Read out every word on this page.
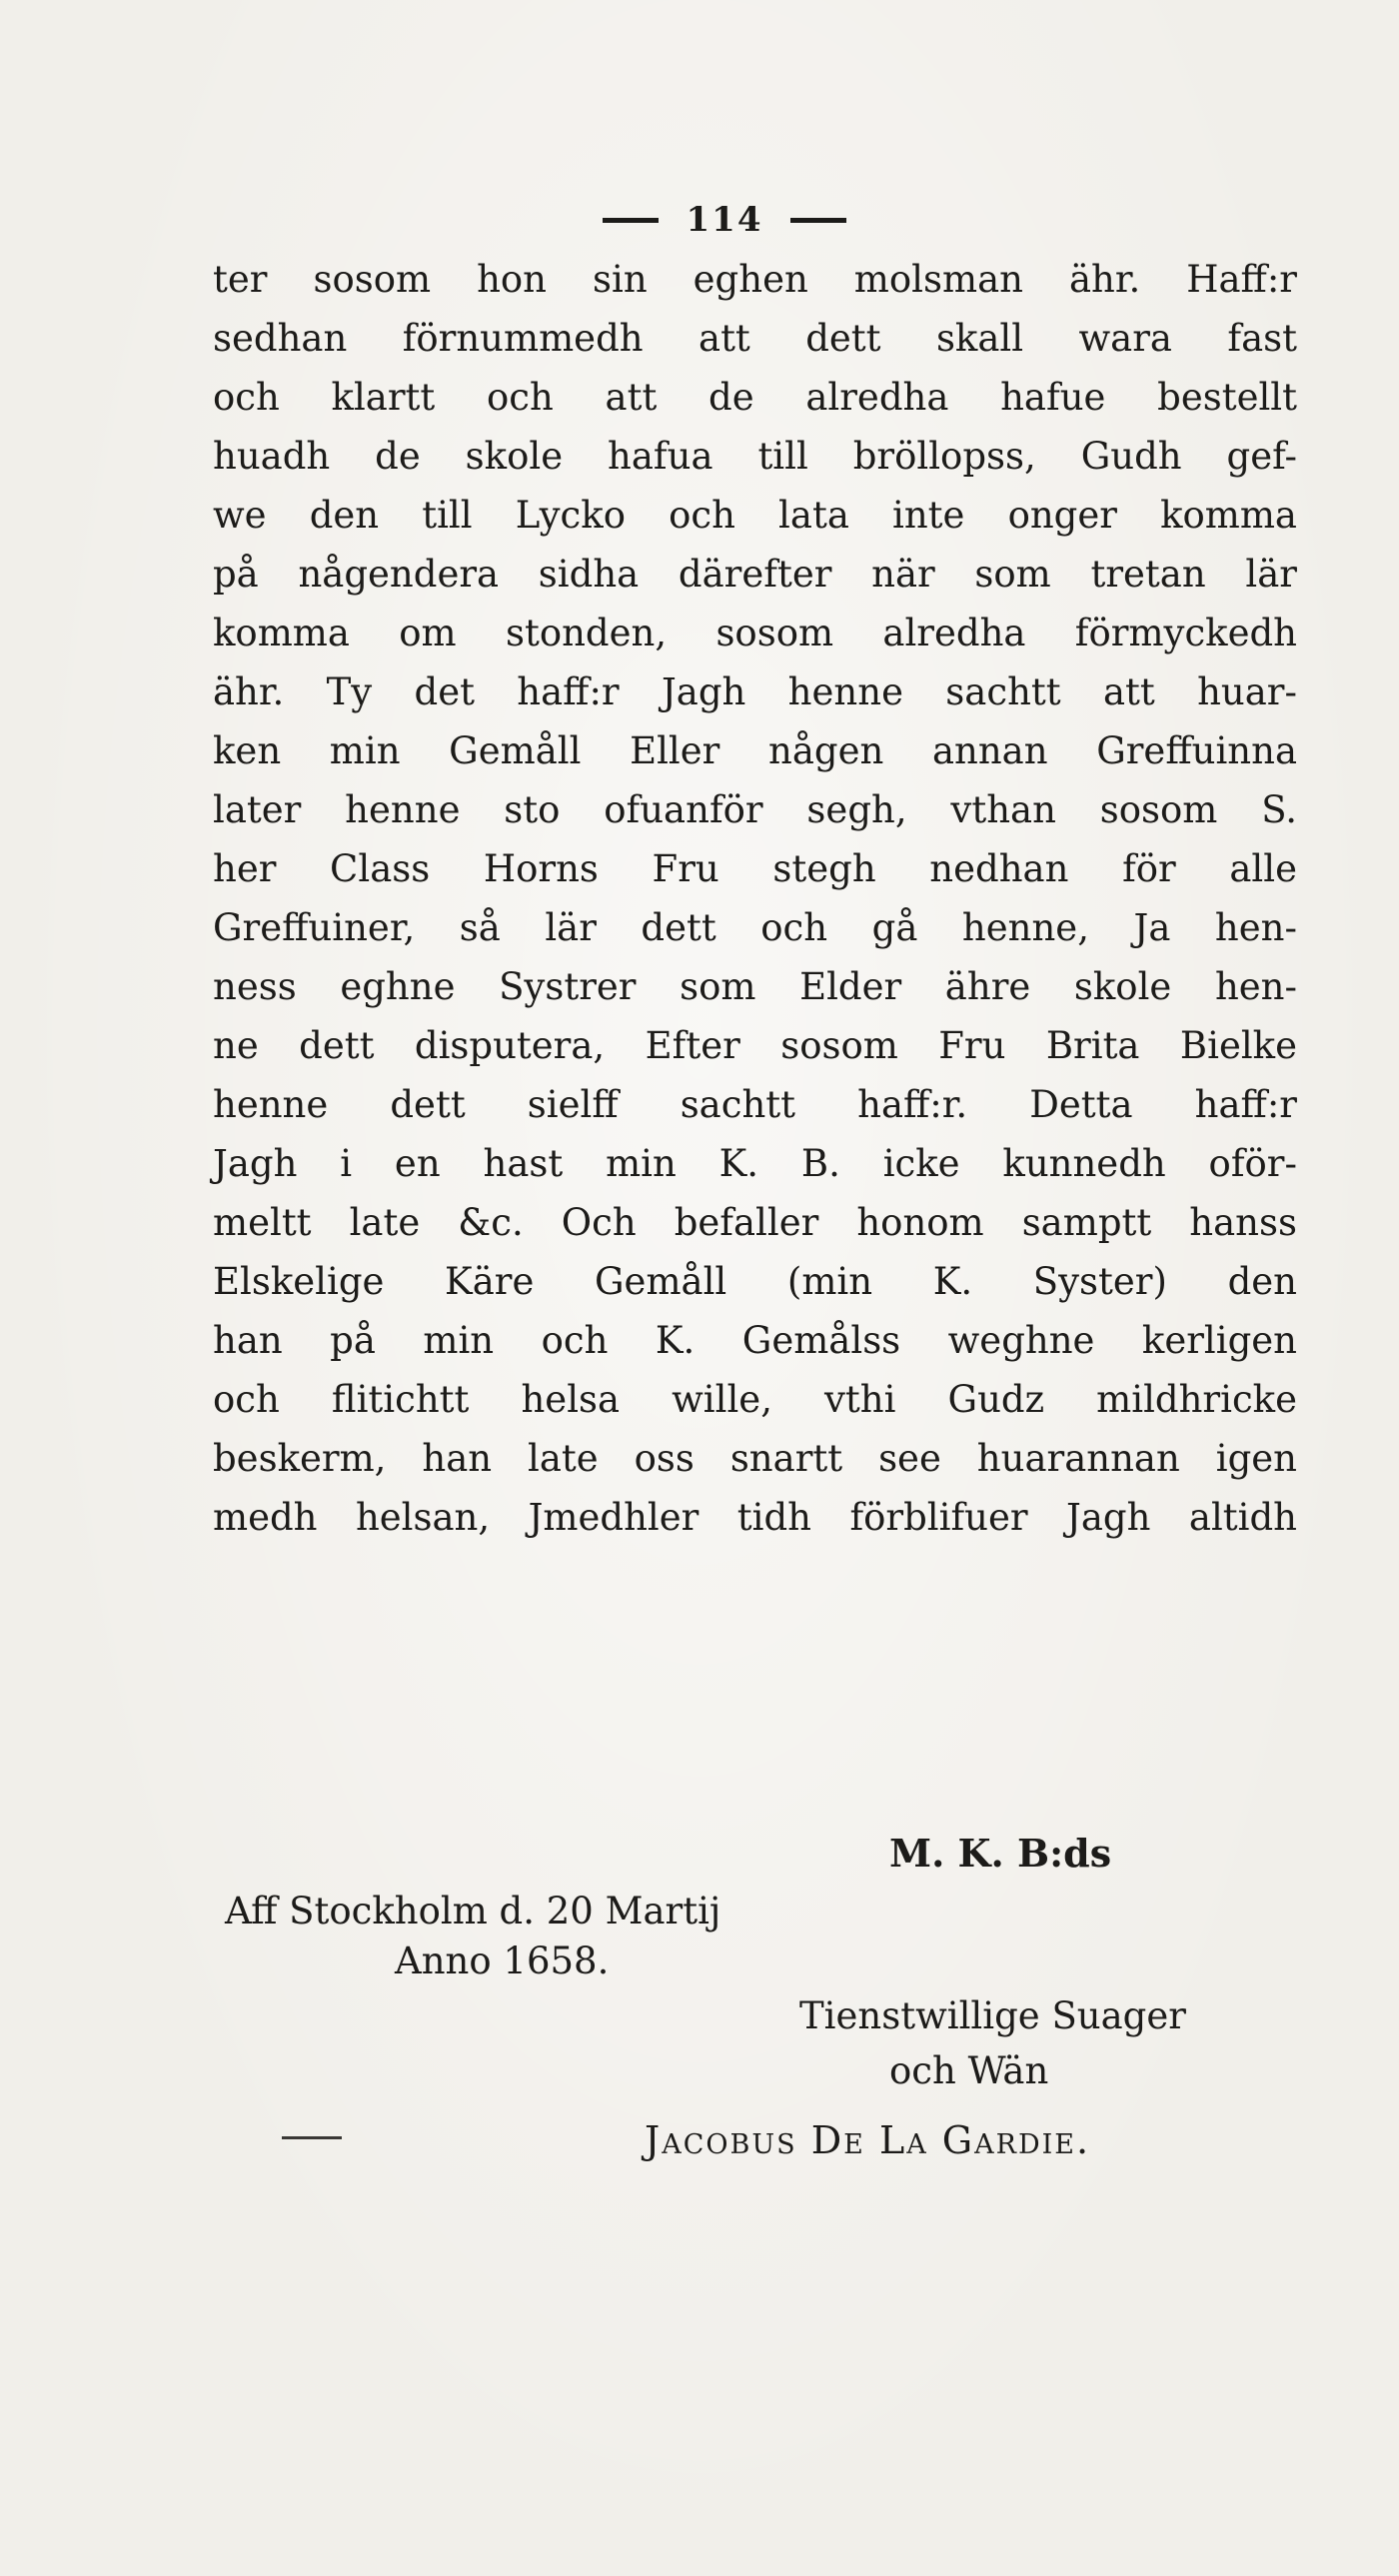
114
ter sosom hon sin eghen molsman ähr. Haff:r
sedhan förnummedh att dett skall wara fast
och klartt och att de alredha hafue bestellt
huadh de skole hafua till bröllopss, Gudh gef-
we den till Lycko och lata inte onger komma
på någendera sidha därefter när som tretan lär
komma om stonden, sosom alredha förmyckedh
ähr. Ty det haff:r Jagh henne sachtt att huar-
ken min Gemåll Eller någen annan Greffuinna
later henne sto ofuanför segh, vthan sosom S.
her Class Horns Fru stegh nedhan för alle
Greffuiner, så lär dett och gå henne, Ja hen-
ness eghne Systrer som Elder ähre skole hen-
ne dett disputera, Efter sosom Fru Brita Bielke
henne dett sielff sachtt haff:r. Detta haff:r
Jagh i en hast min K. B. icke kunnedh oför-
meltt late &c. Och befaller honom samptt hanss
Elskelige Käre Gemåll (min K. Syster) den
han på min och K. Gemålss weghne kerligen
och flitichtt helsa wille, vthi Gudz mildhricke
beskerm, han late oss snartt see huarannan igen
medh helsan, Jmedhler tidh förblifuer Jagh altidh
M. K. B:ds
Aff Stockholm d. 20 Martij
Anno 1658.
Tienstwillige Suager
och Wän
Jacobus De La Gardie.
